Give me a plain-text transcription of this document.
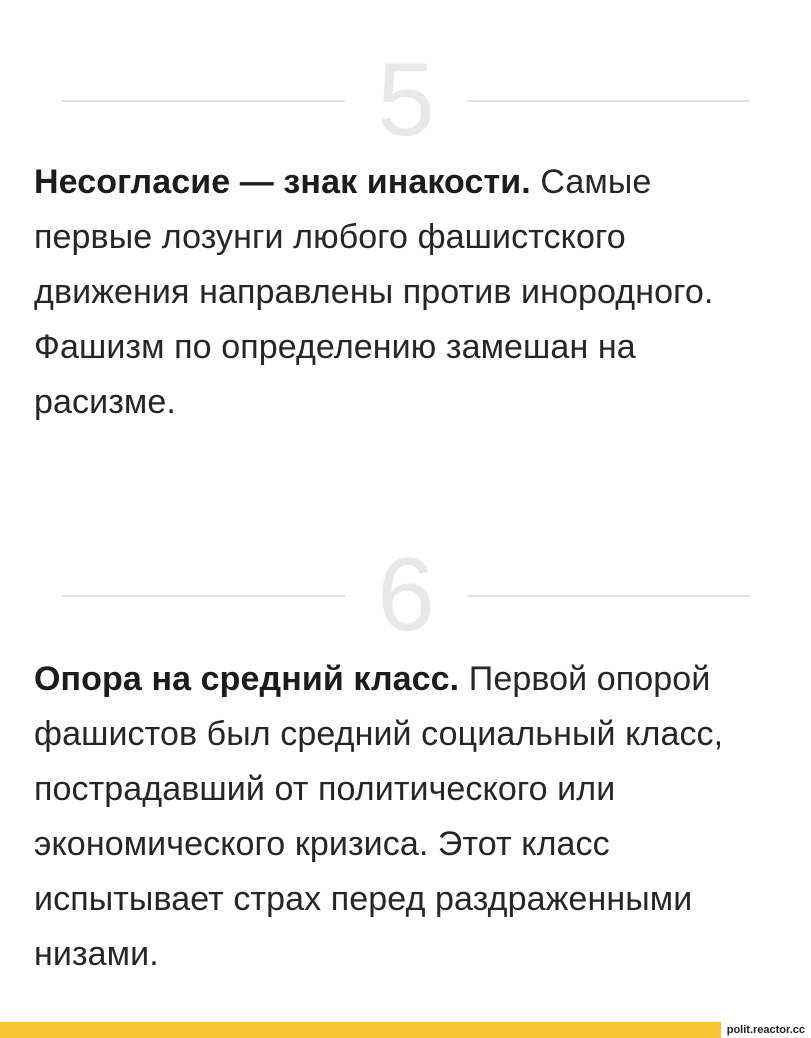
5

Несогласие — знак инакости. Самые первые лозунги любого фашистского движения направлены против инородного. Фашизм по определению замешан на расизме.

6

Опора на средний класс. Первой опорой фашистов был средний социальный класс, пострадавший от политического или экономического кризиса. Этот класс испытывает страх перед раздраженными низами.

polit.reactor.cc
